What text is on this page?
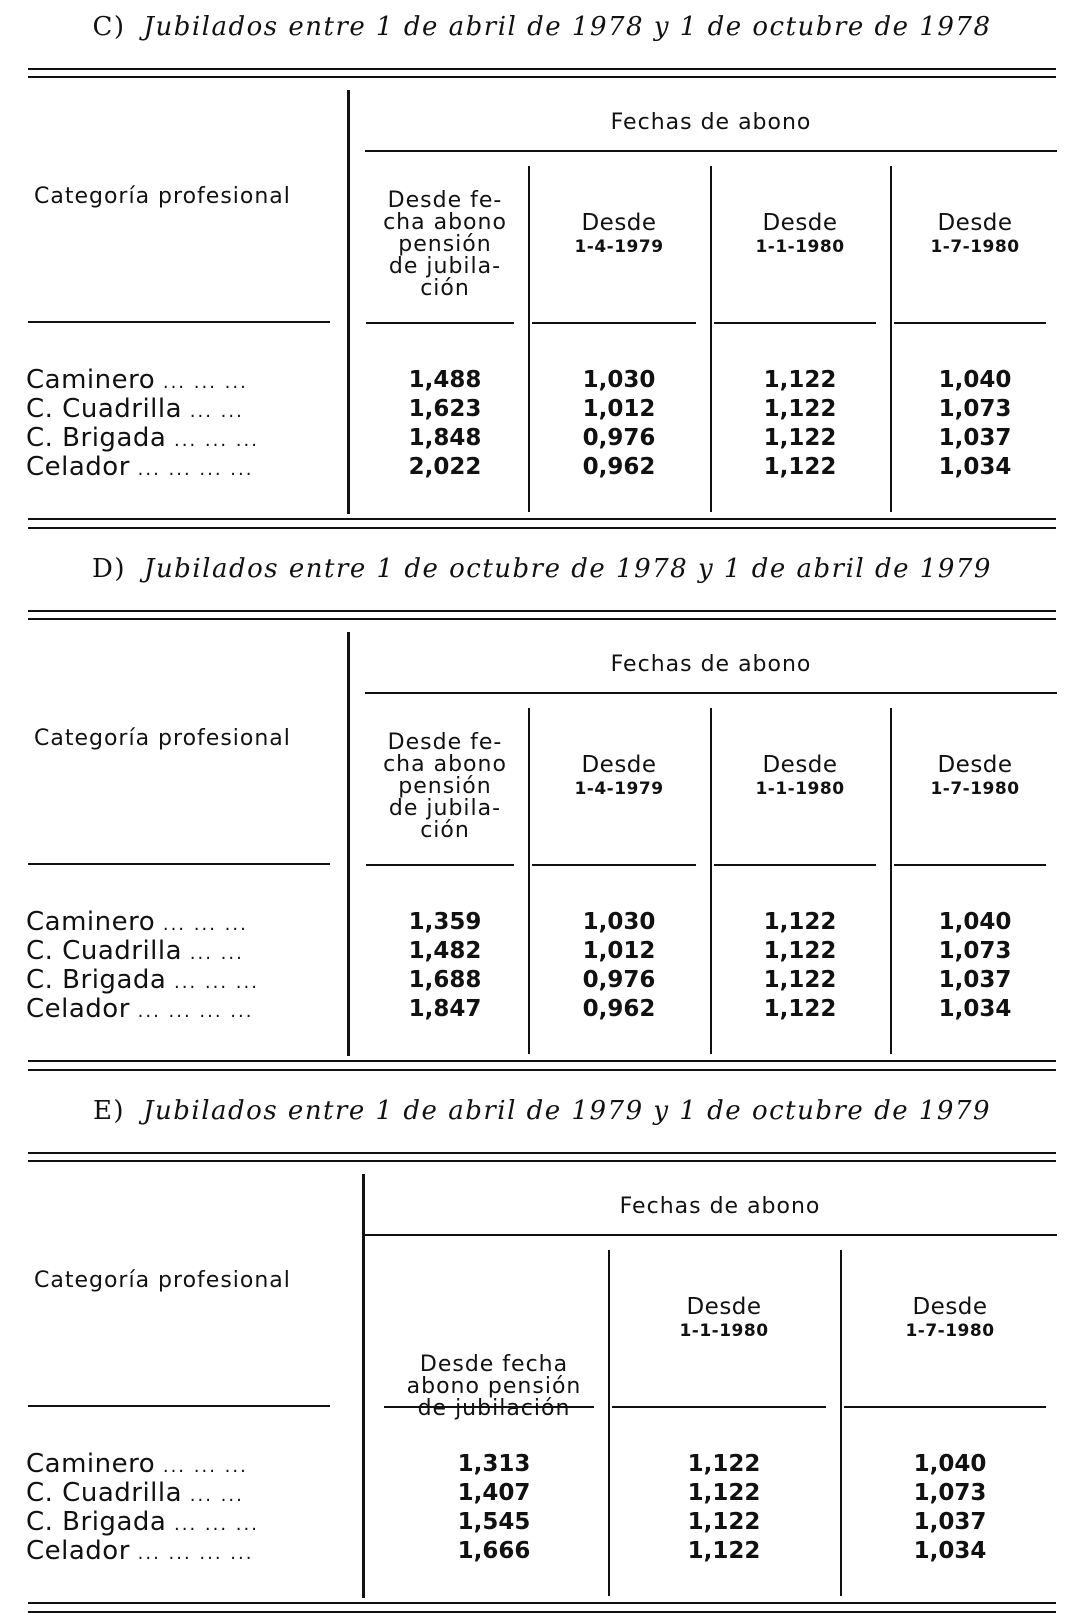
C) Jubilados entre 1 de abril de 1978 y 1 de octubre de 1978
Fechas de abono
Categoría profesional	Desde fe-
cha abono
pensión
de jubila-
ción
Desde
1-4-1979
Desde
1-1-1980
Desde
1-7-1980
Caminero ... ... ...	1,488	1,030	1,122	1,040
C. Cuadrilla ... ...	1,623	1,012	1,122	1,073
C. Brigada ... ... ...	1,848	0,976	1,122	1,037
Celador ... ... ... ...	2,022	0,962	1,122	1,034
D) Jubilados entre 1 de octubre de 1978 y 1 de abril de 1979
Fechas de abono
Categoría profesional	Desde fe-
cha abono
pensión
de jubila-
ción
Desde
1-4-1979
Desde
1-1-1980
Desde
1-7-1980
Caminero ... ... ...	1,359	1,030	1,122	1,040
C. Cuadrilla ... ...	1,482	1,012	1,122	1,073
C. Brigada ... ... ...	1,688	0,976	1,122	1,037
Celador ... ... ... ...	1,847	0,962	1,122	1,034
E) Jubilados entre 1 de abril de 1979 y 1 de octubre de 1979
Fechas de abono
Categoría profesional
Desde fecha
abono pensión
de jubilación
Desde
1-1-1980
Desde
1-7-1980
Caminero ... ... ...	1,313	1,122	1,040
C. Cuadrilla ... ...	1,407	1,122	1,073
C. Brigada ... ... ...	1,545	1,122	1,037
Celador ... ... ... ...	1,666	1,122	1,034
